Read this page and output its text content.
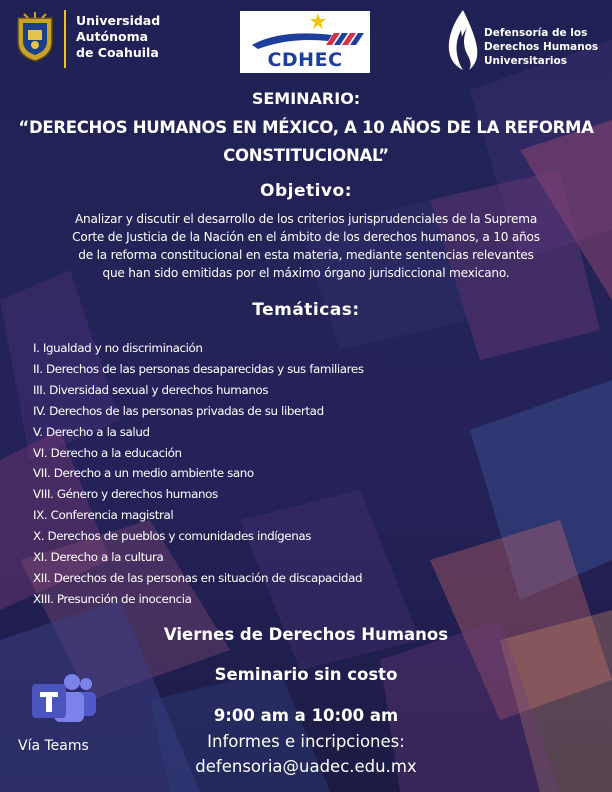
Universidad
Autónoma
de Coahuila	CDHEC
Defensoría de los
Derechos Humanos
Universitarios
SEMINARIO:
“DERECHOS HUMANOS EN MÉXICO, A 10 AÑOS DE LA REFORMA
CONSTITUCIONAL”
Objetivo:
Analizar y discutir el desarrollo de los criterios jurisprudenciales de la Suprema
Corte de Justicia de la Nación en el ámbito de los derechos humanos, a 10 años
de la reforma constitucional en esta materia, mediante sentencias relevantes
que han sido emitidas por el máximo órgano jurisdiccional mexicano.
Temáticas:
I. Igualdad y no discriminación
II. Derechos de las personas desaparecidas y sus familiares
III. Diversidad sexual y derechos humanos
IV. Derechos de las personas privadas de su libertad
V. Derecho a la salud
VI. Derecho a la educación
VII. Derecho a un medio ambiente sano
VIII. Género y derechos humanos
IX. Conferencia magistral
X. Derechos de pueblos y comunidades indígenas
XI. Derecho a la cultura
XII. Derechos de las personas en situación de discapacidad
XIII. Presunción de inocencia
Viernes de Derechos Humanos
Seminario sin costo
9:00 am a 10:00 am
Informes e incripciones:
defensoria@uadec.edu.mx
Vía Teams
